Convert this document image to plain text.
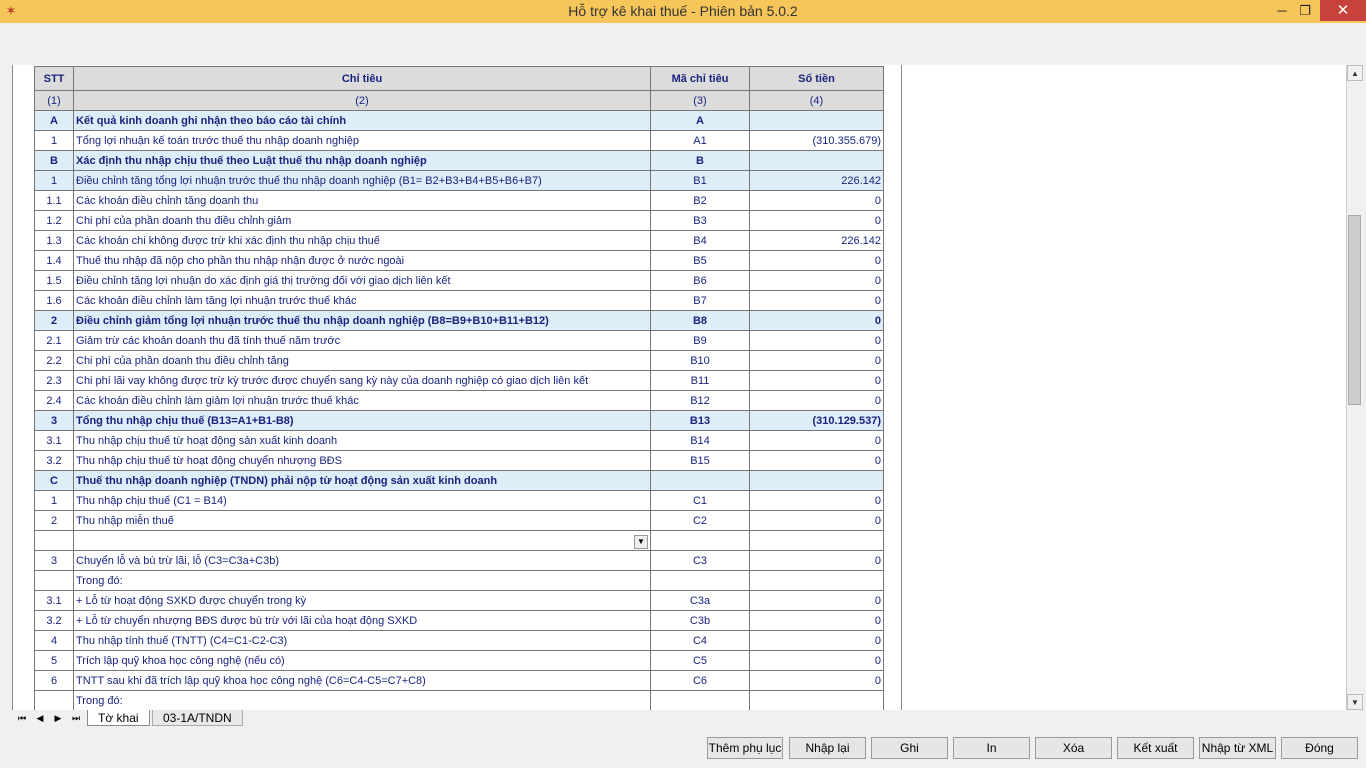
✶	Hỗ trợ kê khai thuế - Phiên bản 5.0.2	─ ❐	✕
STT	Chỉ tiêu	Mã chỉ tiêu	Số tiền
(1)	(2)	(3)	(4)
A	Kết quả kinh doanh ghi nhận theo báo cáo tài chính	A	
1	Tổng lợi nhuận kế toán trước thuế thu nhập doanh nghiệp	A1	(310.355.679)
B	Xác định thu nhập chịu thuế theo Luật thuế thu nhập doanh nghiệp	B	
1	Điều chỉnh tăng tổng lợi nhuận trước thuế thu nhập doanh nghiệp (B1= B2+B3+B4+B5+B6+B7)	B1	226.142
1.1	Các khoản điều chỉnh tăng doanh thu	B2	0
1.2	Chi phí của phần doanh thu điều chỉnh giảm	B3	0
1.3	Các khoản chi không được trừ khi xác định thu nhập chịu thuế	B4	226.142
1.4	Thuế thu nhập đã nộp cho phần thu nhập nhận được ở nước ngoài	B5	0
1.5	Điều chỉnh tăng lợi nhuận do xác định giá thị trường đối với giao dịch liên kết	B6	0
1.6	Các khoản điều chỉnh làm tăng lợi nhuận trước thuế khác	B7	0
2	Điều chỉnh giảm tổng lợi nhuận trước thuế thu nhập doanh nghiệp (B8=B9+B10+B11+B12)	B8	0
2.1	Giảm trừ các khoản doanh thu đã tính thuế năm trước	B9	0
2.2	Chi phí của phần doanh thu điều chỉnh tăng	B10	0
2.3	Chi phí lãi vay không được trừ kỳ trước được chuyển sang kỳ này của doanh nghiệp có giao dịch liên kết	B11	0
2.4	Các khoản điều chỉnh làm giảm lợi nhuận trước thuế khác	B12	0
3	Tổng thu nhập chịu thuế (B13=A1+B1-B8)	B13	(310.129.537)
3.1	Thu nhập chịu thuế từ hoạt động sản xuất kinh doanh	B14	0
3.2	Thu nhập chịu thuế từ hoạt động chuyển nhượng BĐS	B15	0
C	Thuế thu nhập doanh nghiệp (TNDN) phải nộp từ hoạt động sản xuất kinh doanh		
1	Thu nhập chịu thuế (C1 = B14)	C1	0
2	Thu nhập miễn thuế	C2	0

	▼		

3	Chuyển lỗ và bù trừ lãi, lỗ (C3=C3a+C3b)	C3	0
	Trong đó:		
3.1	+ Lỗ từ hoạt động SXKD được chuyển trong kỳ	C3a	0
3.2	+ Lỗ từ chuyển nhượng BĐS được bù trừ với lãi của hoạt động SXKD	C3b	0
4	Thu nhập tính thuế (TNTT) (C4=C1-C2-C3)	C4	0
5	Trích lập quỹ khoa học công nghệ (nếu có)	C5	0
6	TNTT sau khi đã trích lập quỹ khoa học công nghệ (C6=C4-C5=C7+C8)	C6	0
	Trong đó:		
▲
▼
⏮	◀	▶	⏭	Tờ khai	03-1A/TNDN
Thêm phụ lục	Nhập lại	Ghi	In	Xóa	Kết xuất	Nhập từ XML	Đóng
